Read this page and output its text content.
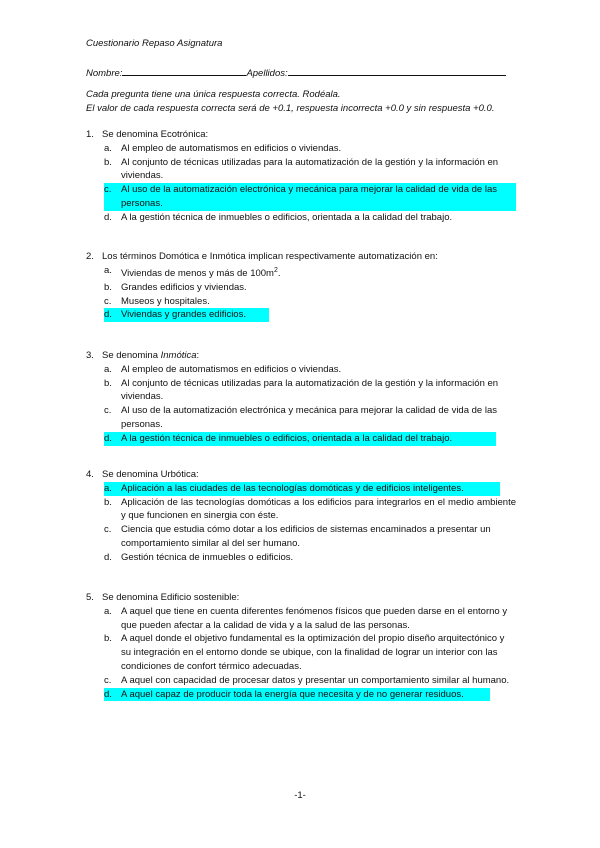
Cuestionario Repaso Asignatura
Nombre:	Apellidos:
Cada pregunta tiene una única respuesta correcta. Rodéala.
El valor de cada respuesta correcta será de +0.1, respuesta incorrecta +0.0 y sin respuesta +0.0.
1. Se denomina Ecotrónica:
a. Al empleo de automatismos en edificios o viviendas.
b. Al conjunto de técnicas utilizadas para la automatización de la gestión y la información en viviendas.
c.	Al uso de la automatización electrónica y mecánica para mejorar la calidad de vida de las personas.
d. A la gestión técnica de inmuebles o edificios, orientada a la calidad del trabajo.
2. Los términos Domótica e Inmótica implican respectivamente automatización en:
a. Viviendas de menos y más de $100m^2$.
b. Grandes edificios y viviendas.
c.	Museos y hospitales.
d. Viviendas y grandes edificios.
3. Se denomina Inmótica:
a. Al empleo de automatismos en edificios o viviendas.
b. Al conjunto de técnicas utilizadas para la automatización de la gestión y la información en viviendas.
c.	Al uso de la automatización electrónica y mecánica para mejorar la calidad de vida de las personas.
d. A la gestión técnica de inmuebles o edificios, orientada a la calidad del trabajo.
4. Se denomina Urbótica:
a. Aplicación a las ciudades de las tecnologías domóticas y de edificios inteligentes.
b. Aplicación de las tecnologías domóticas a los edificios para integrarlos en el medio ambiente y que funcionen en sinergia con éste.
c.	Ciencia que estudia cómo dotar a los edificios de sistemas encaminados a presentar un comportamiento similar al del ser humano.
d. Gestión técnica de inmuebles o edificios.
5. Se denomina Edificio sostenible:
a. A aquel que tiene en cuenta diferentes fenómenos físicos que pueden darse en el entorno y que pueden afectar a la calidad de vida y a la salud de las personas.
b. A aquel donde el objetivo fundamental es la optimización del propio diseño arquitectónico y su integración en el entorno donde se ubique, con la finalidad de lograr un interior con las condiciones de confort térmico adecuadas.
c.	A aquel con capacidad de procesar datos y presentar un comportamiento similar al humano.
d. A aquel capaz de producir toda la energía que necesita y de no generar residuos.
-1-
